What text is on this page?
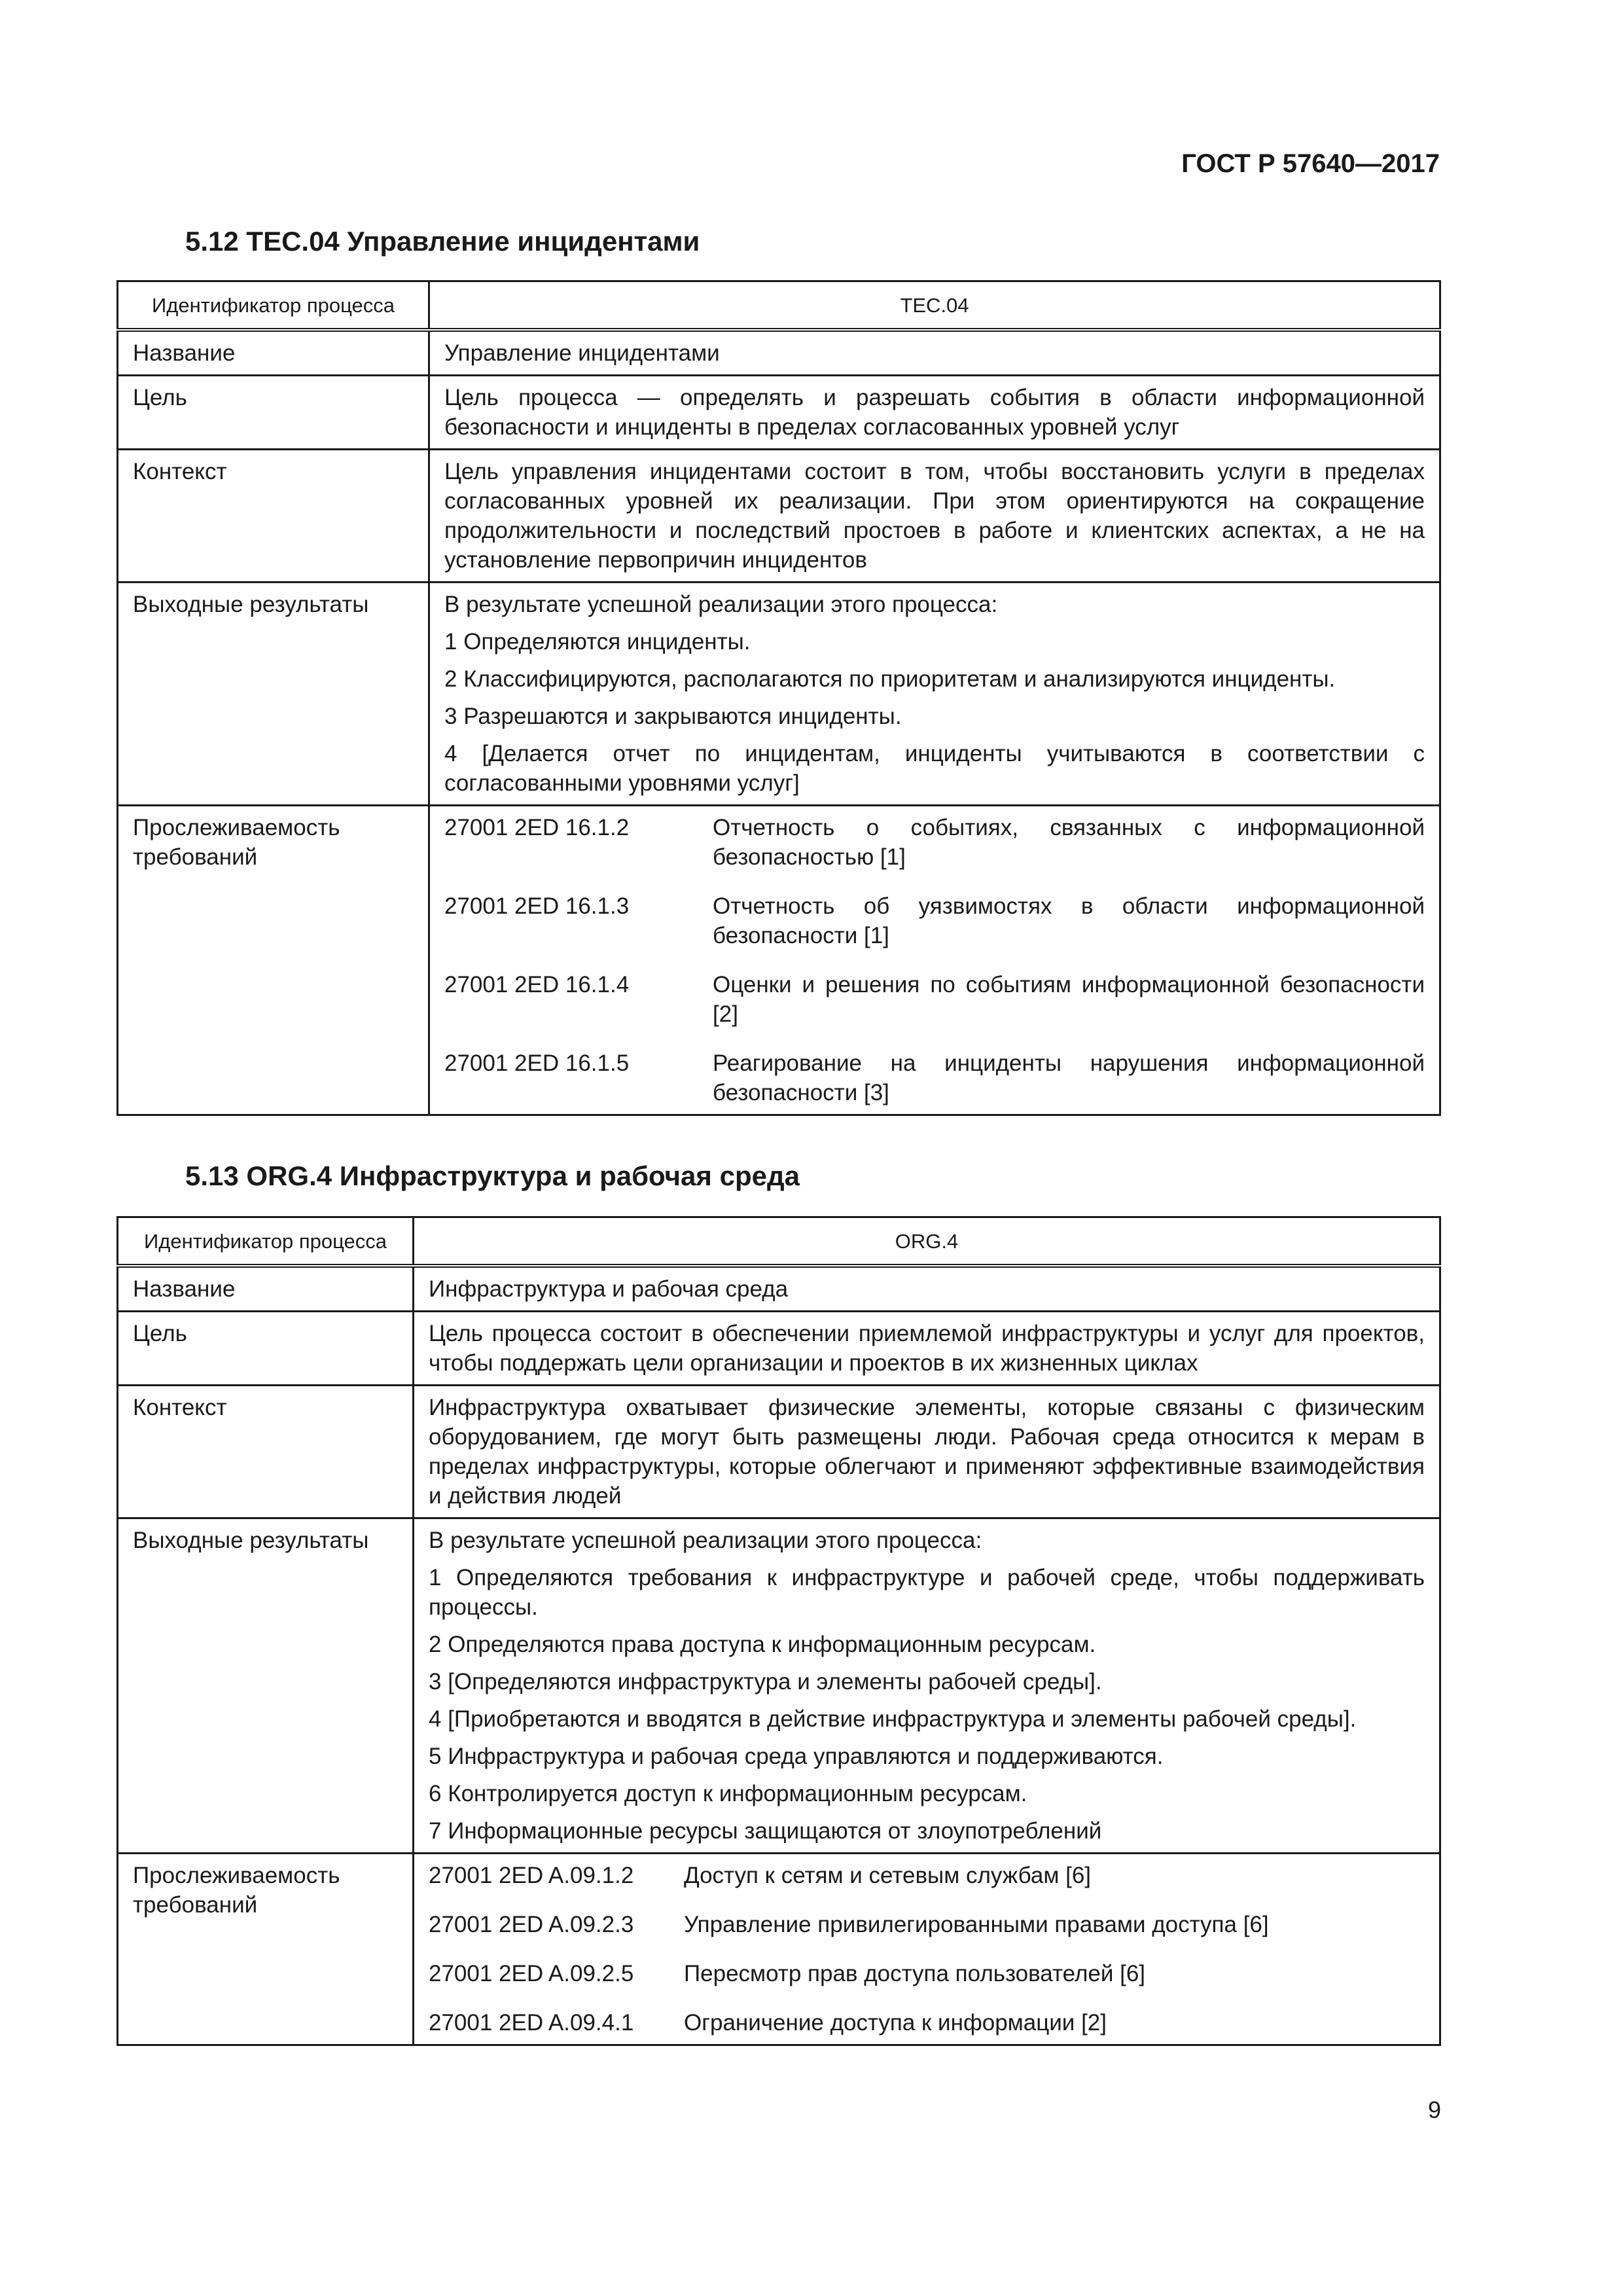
ГОСТ Р 57640—2017
5.12 TEC.04 Управление инцидентами
Идентификатор процесса	TEC.04
Название	Управление инцидентами
Цель	Цель процесса — определять и разрешать события в области информационной безопасности и инциденты в пределах согласованных уровней услуг
Контекст	Цель управления инцидентами состоит в том, чтобы восстановить услуги в пределах согласованных уровней их реализации. При этом ориентируются на сокращение продолжительности и последствий простоев в работе и клиентских аспектах, а не на установление первопричин инцидентов
Выходные результаты	В результате успешной реализации этого процесса:
1 Определяются инциденты.
2 Классифицируются, располагаются по приоритетам и анализируются инциденты.
3 Разрешаются и закрываются инциденты.
4 [Делается отчет по инцидентам, инциденты учитываются в соответствии с согласованными уровнями услуг]

Прослеживаемость требований	
27001 2ED 16.1.2	Отчетность о событиях, связанных с информационной безопасностью [1]
27001 2ED 16.1.3	Отчетность об уязвимостях в области информационной безопасности [1]
27001 2ED 16.1.4	Оценки и решения по событиям информационной безопасности [2]
27001 2ED 16.1.5	Реагирование на инциденты нарушения информационной безопасности [3]
5.13 ORG.4 Инфраструктура и рабочая среда
Идентификатор процесса	ORG.4
Название	Инфраструктура и рабочая среда
Цель	Цель процесса состоит в обеспечении приемлемой инфраструктуры и услуг для проектов, чтобы поддержать цели организации и проектов в их жизненных циклах
Контекст	Инфраструктура охватывает физические элементы, которые связаны с физическим оборудованием, где могут быть размещены люди. Рабочая среда относится к мерам в пределах инфраструктуры, которые облегчают и применяют эффективные взаимодействия и действия людей
Выходные результаты	В результате успешной реализации этого процесса:
1 Определяются требования к инфраструктуре и рабочей среде, чтобы поддерживать процессы.
2 Определяются права доступа к информационным ресурсам.
3 [Определяются инфраструктура и элементы рабочей среды].
4 [Приобретаются и вводятся в действие инфраструктура и элементы рабочей среды].
5 Инфраструктура и рабочая среда управляются и поддерживаются.
6 Контролируется доступ к информационным ресурсам.
7 Информационные ресурсы защищаются от злоупотреблений

Прослеживаемость требований	
27001 2ED A.09.1.2	Доступ к сетям и сетевым службам [6]
27001 2ED A.09.2.3	Управление привилегированными правами доступа [6]
27001 2ED A.09.2.5	Пересмотр прав доступа пользователей [6]
27001 2ED A.09.4.1	Ограничение доступа к информации [2]
9
